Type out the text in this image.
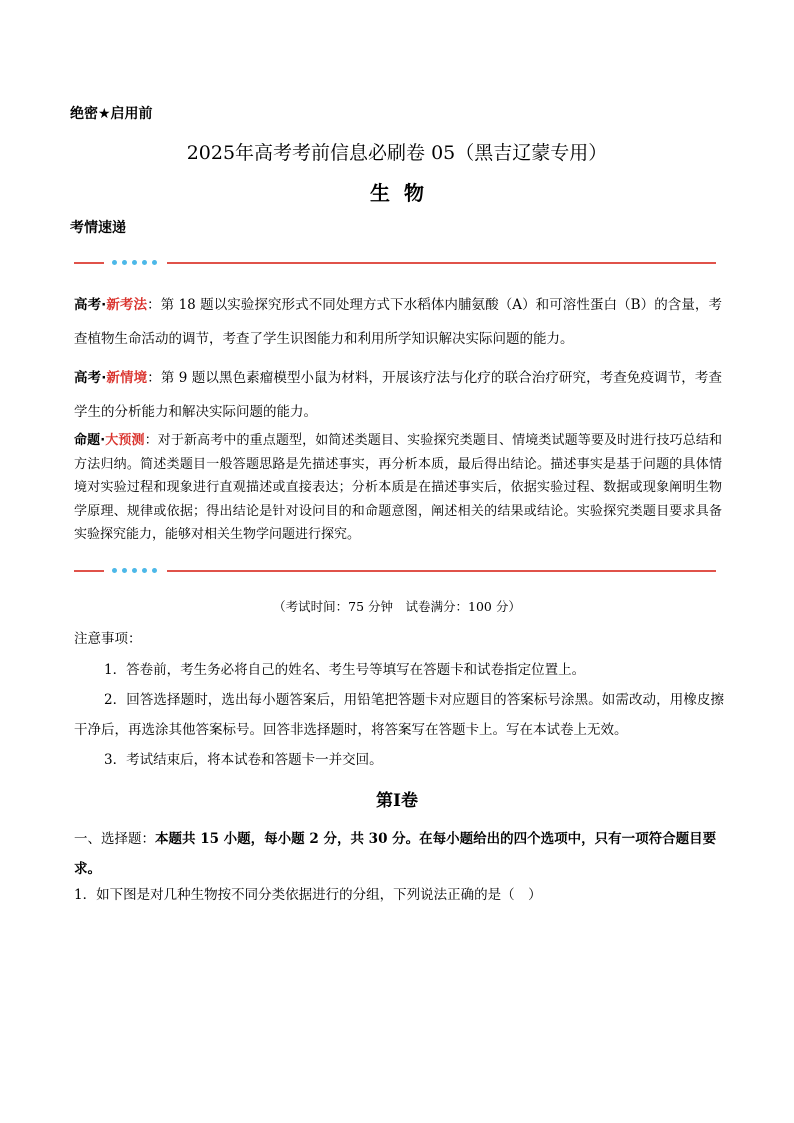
绝密★启用前
2025年高考考前信息必刷卷 05（黑吉辽蒙专用）
生物
考情速递
高考·新考法：第 18 题以实验探究形式不同处理方式下水稻体内脯氨酸（A）和可溶性蛋白（B）的含量，考查植物生命活动的调节，考查了学生识图能力和利用所学知识解决实际问题的能力。
高考·新情境：第 9 题以黑色素瘤模型小鼠为材料，开展该疗法与化疗的联合治疗研究，考查免疫调节，考查学生的分析能力和解决实际问题的能力。
命题·大预测：对于新高考中的重点题型，如简述类题目、实验探究类题目、情境类试题等要及时进行技巧总结和方法归纳。简述类题目一般答题思路是先描述事实，再分析本质，最后得出结论。描述事实是基于问题的具体情境对实验过程和现象进行直观描述或直接表达；分析本质是在描述事实后，依据实验过程、数据或现象阐明生物学原理、规律或依据；得出结论是针对设问目的和命题意图，阐述相关的结果或结论。实验探究类题目要求具备实验探究能力，能够对相关生物学问题进行探究。
（考试时间：75 分钟　试卷满分：100 分）
注意事项：
1．答卷前，考生务必将自己的姓名、考生号等填写在答题卡和试卷指定位置上。
2．回答选择题时，选出每小题答案后，用铅笔把答题卡对应题目的答案标号涂黑。如需改动，用橡皮擦干净后，再选涂其他答案标号。回答非选择题时，将答案写在答题卡上。写在本试卷上无效。
3．考试结束后，将本试卷和答题卡一并交回。
第Ⅰ卷
一、选择题：本题共 15 小题，每小题 2 分，共 30 分。在每小题给出的四个选项中，只有一项符合题目要求。
1．如下图是对几种生物按不同分类依据进行的分组，下列说法正确的是（　）
